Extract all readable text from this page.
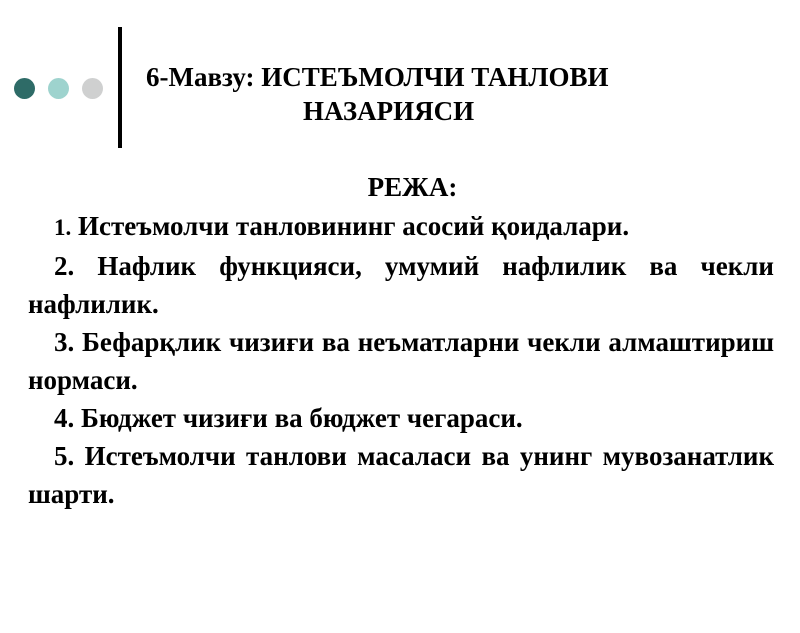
6-Мавзу: ИСТЕЪМОЛЧИ ТАНЛОВИ
НАЗАРИЯСИ
РЕЖА:

1. Истеъмолчи танловининг асосий қоидалари.

2. Нафлик функцияси, умумий нафлилик ва чекли нафлилик.

3. Бефарқлик чизиғи ва неъматларни чекли алмаштириш нормаси.

4. Бюджет чизиғи ва бюджет чегараси.

5. Истеъмолчи танлови масаласи ва унинг мувозанатлик шарти.
